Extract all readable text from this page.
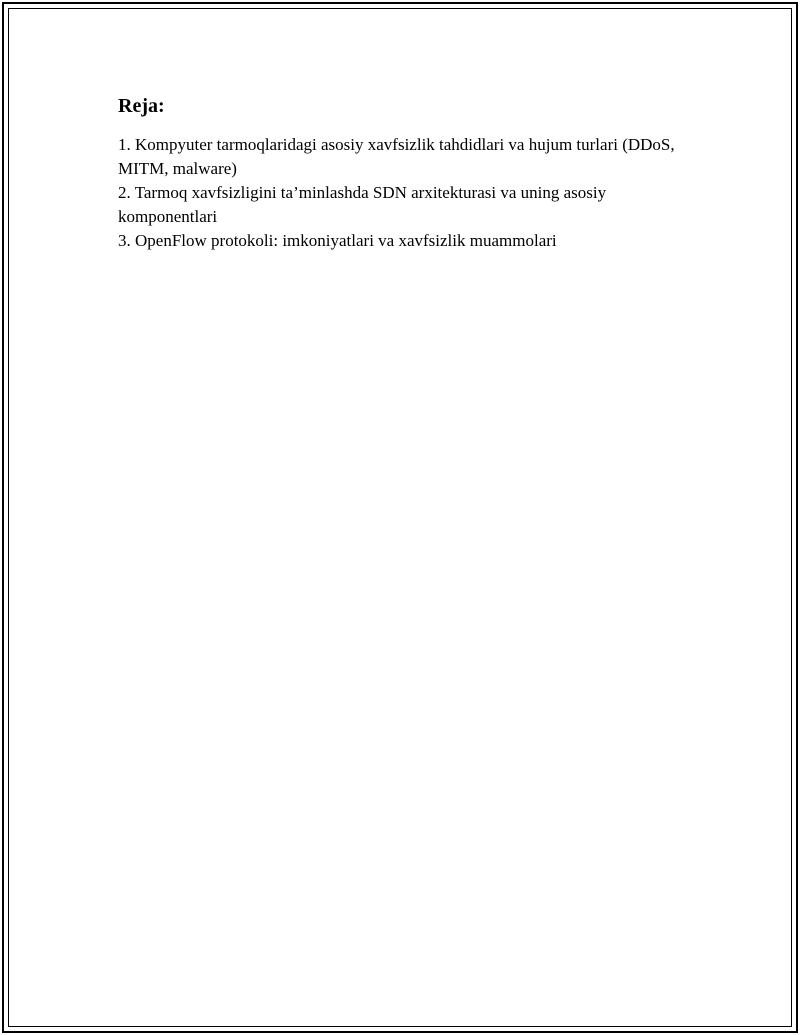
Reja:
1. Kompyuter tarmoqlaridagi asosiy xavfsizlik tahdidlari va hujum turlari (DDoS, MITM, malware)
2. Tarmoq xavfsizligini ta’minlashda SDN arxitekturasi va uning asosiy komponentlari
3. OpenFlow protokoli: imkoniyatlari va xavfsizlik muammolari
